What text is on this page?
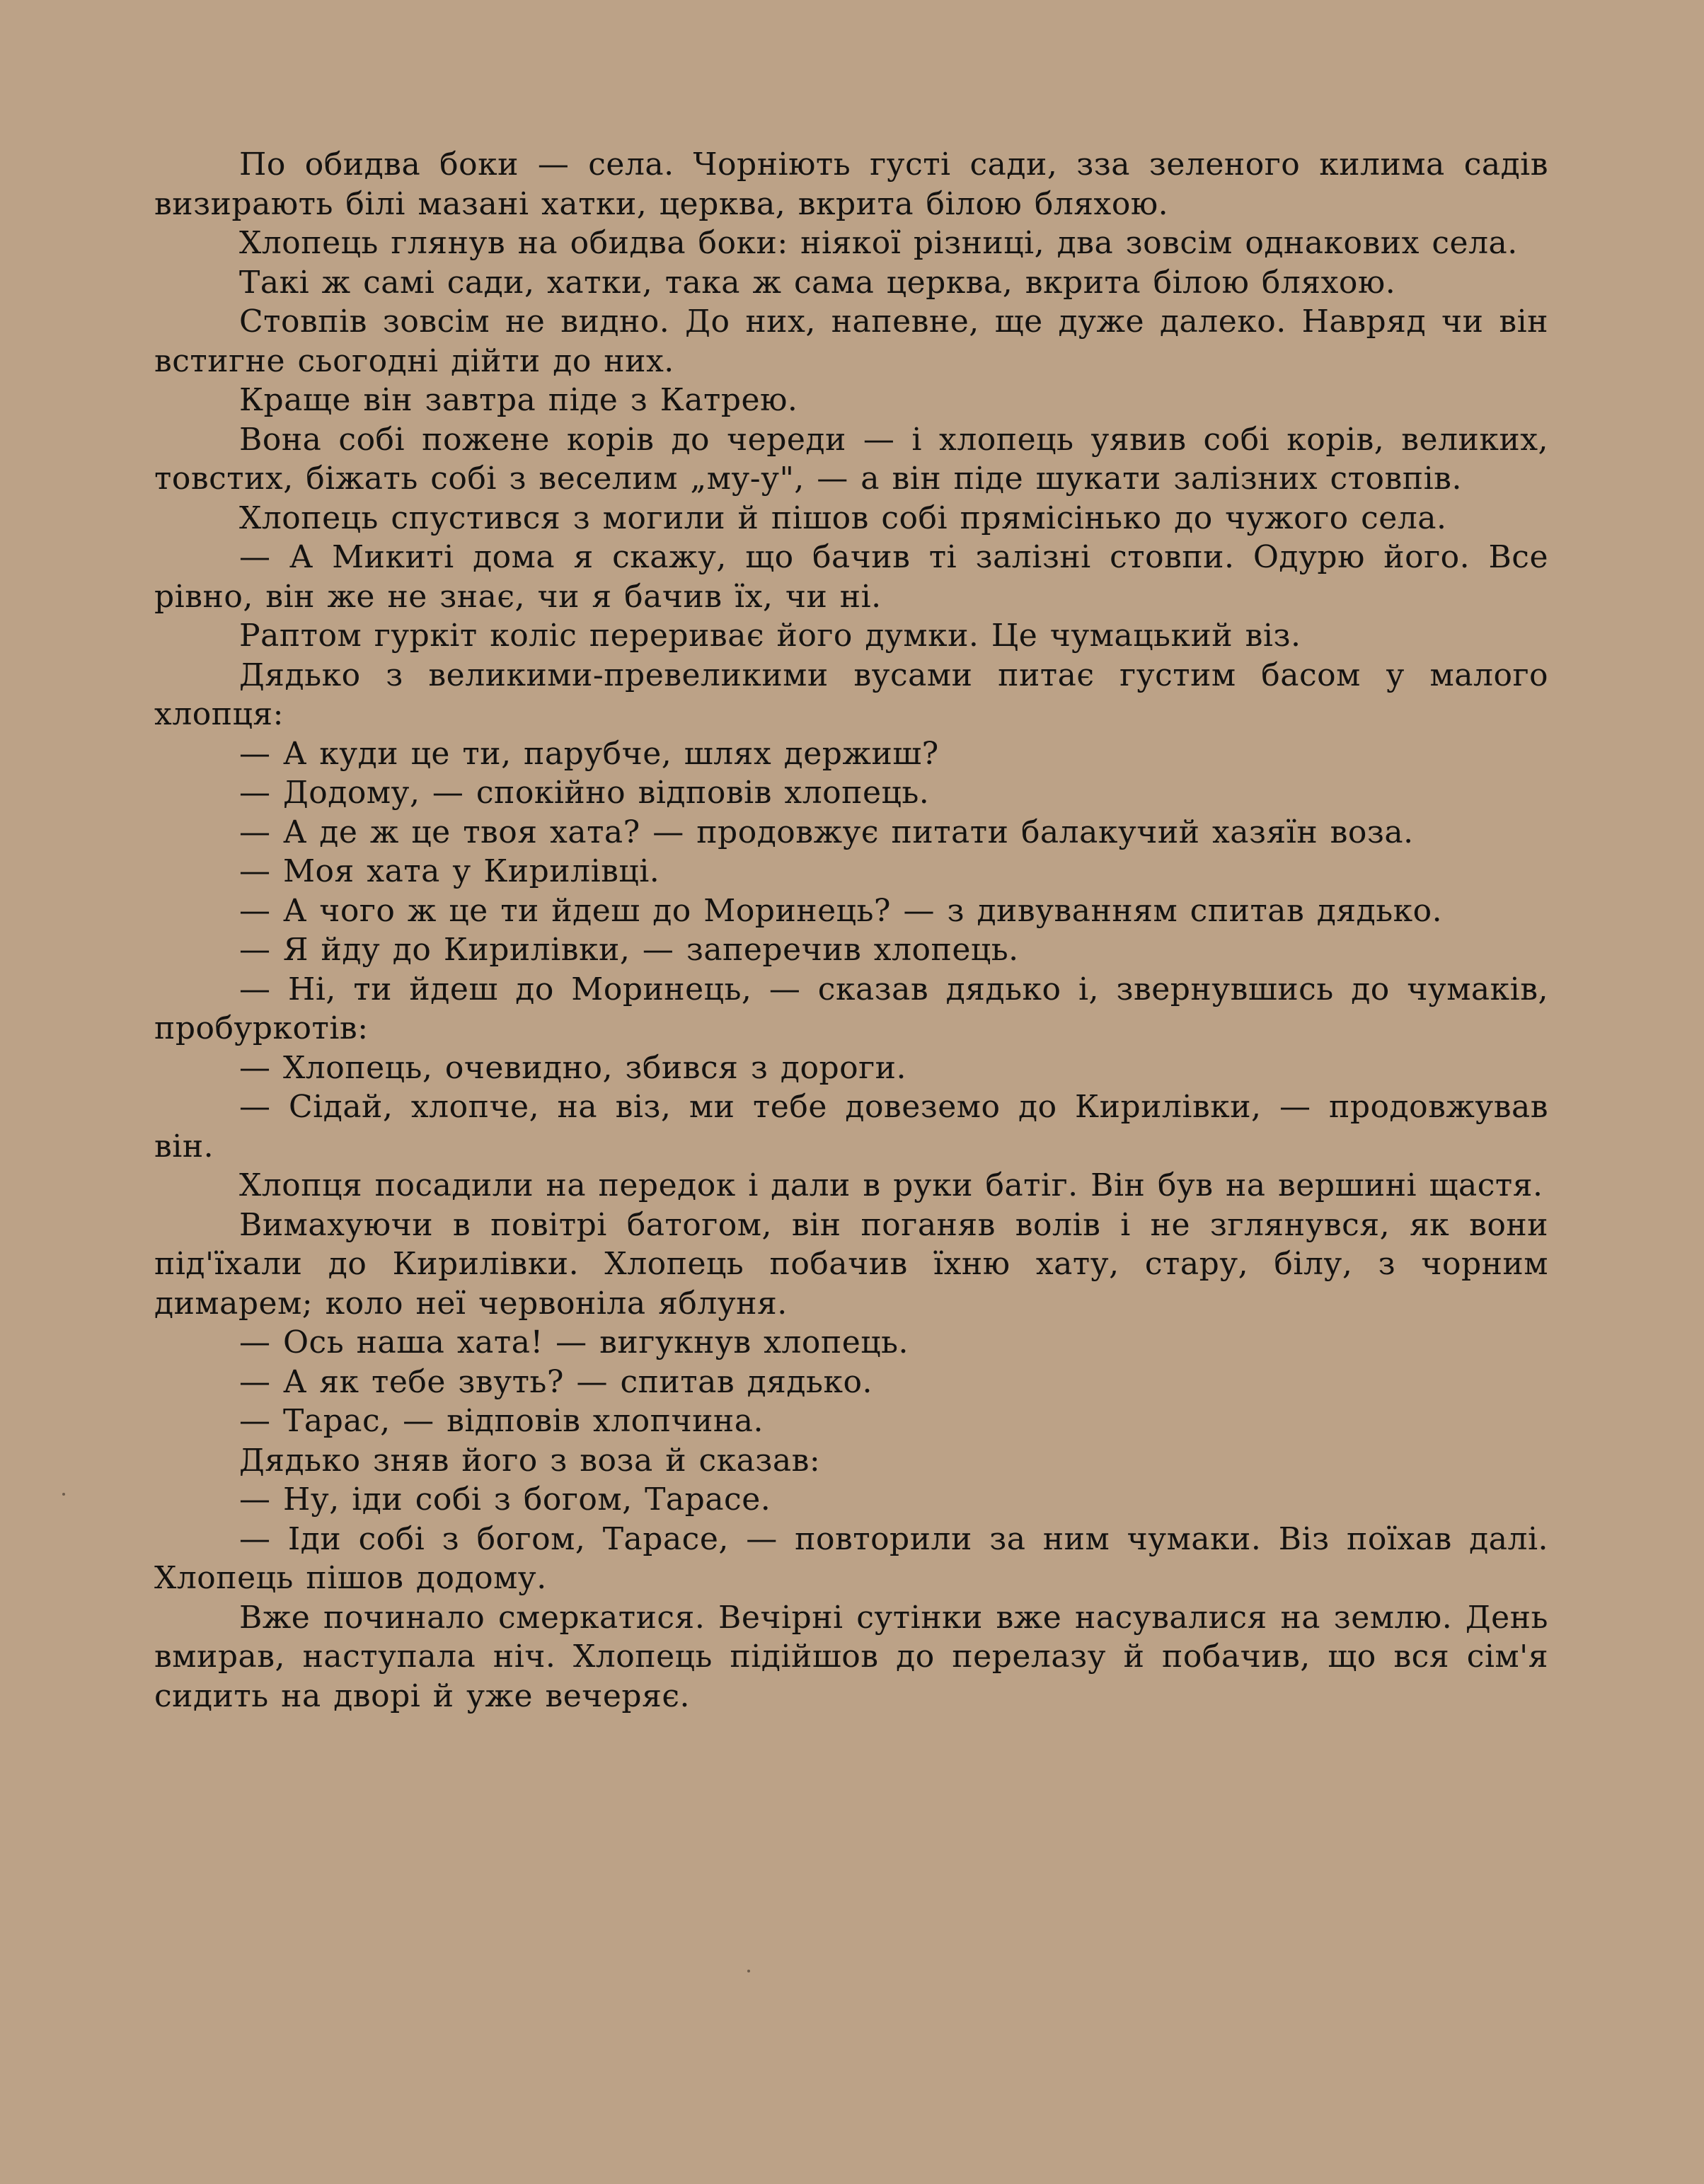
По обидва боки — села. Чорніють густі сади, зза зеленого килима садів визирають білі мазані хатки, церква, вкрита білою бляхою.

Хлопець глянув на обидва боки: ніякої різниці, два зовсім однакових села.

Такі ж самі сади, хатки, така ж сама церква, вкрита білою бляхою.

Стовпів зовсім не видно. До них, напевне, ще дуже далеко. Навряд чи він встигне сьогодні дійти до них.

Краще він завтра піде з Катрею.

Вона собі пожене корів до череди — і хлопець уявив собі корів, великих, товстих, біжать собі з веселим „му-у", — а він піде шукати залізних стовпів.

Хлопець спустився з могили й пішов собі прямісінько до чужого села.

— А Микиті дома я скажу, що бачив ті залізні стовпи. Одурю його. Все рівно, він же не знає, чи я бачив їх, чи ні.

Раптом гуркіт коліс перериває його думки. Це чумацький віз.

Дядько з великими-превеликими вусами питає густим басом у малого хлопця:

— А куди це ти, парубче, шлях держиш?

— Додому, — спокійно відповів хлопець.

— А де ж це твоя хата? — продовжує питати балакучий хазяїн воза.

— Моя хата у Кирилівці.

— А чого ж це ти йдеш до Моринець? — з дивуванням спитав дядько.

— Я йду до Кирилівки, — заперечив хлопець.

— Ні, ти йдеш до Моринець, — сказав дядько і, звернувшись до чумаків, пробуркотів:

— Хлопець, очевидно, збився з дороги.

— Сідай, хлопче, на віз, ми тебе довеземо до Кирилівки, — продовжував він.

Хлопця посадили на передок і дали в руки батіг. Він був на вершині щастя.

Вимахуючи в повітрі батогом, він поганяв волів і не зглянувся, як вони під'їхали до Кирилівки. Хлопець побачив їхню хату, стару, білу, з чорним димарем; коло неї червоніла яблуня.

— Ось наша хата! — вигукнув хлопець.

— А як тебе звуть? — спитав дядько.

— Тарас, — відповів хлопчина.

Дядько зняв його з воза й сказав:

— Ну, іди собі з богом, Тарасе.

— Іди собі з богом, Тарасе, — повторили за ним чумаки. Віз поїхав далі. Хлопець пішов додому.

Вже починало смеркатися. Вечірні сутінки вже насувалися на землю. День вмирав, наступала ніч. Хлопець підійшов до перелазу й побачив, що вся сім'я сидить на дворі й уже вечеряє.
